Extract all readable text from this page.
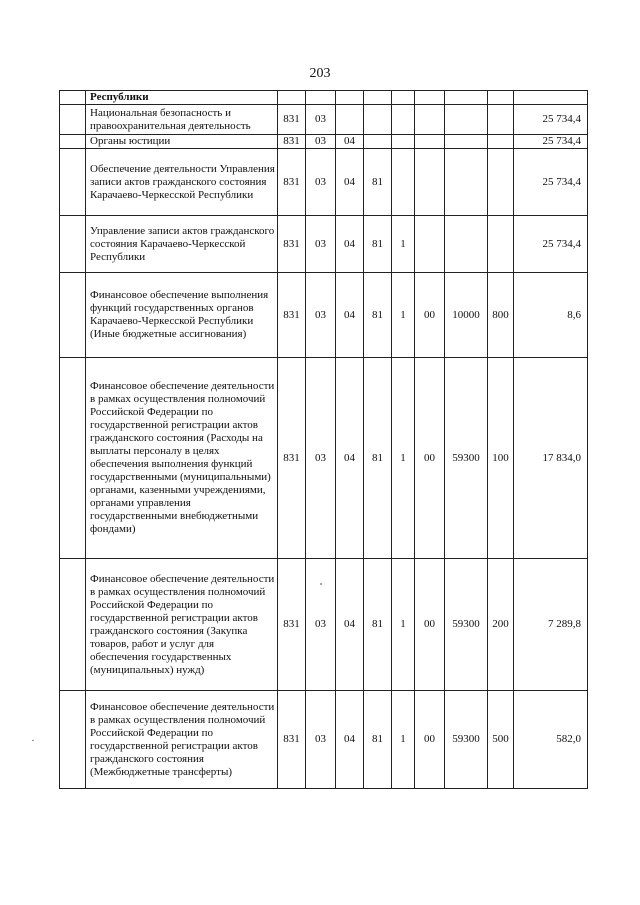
203
	Республики									
	Национальная безопасность и правоохранительная деятельность	831	03							25 734,4
	Органы юстиции	831	03	04						25 734,4
	Обеспечение деятельности Управления записи актов гражданского состояния Карачаево-Черкесской Республики	831	03	04	81					25 734,4
	Управление записи актов гражданского состояния Карачаево-Черкесской Республики	831	03	04	81	1				25 734,4
	Финансовое обеспечение выполнения функций государственных органов Карачаево-Черкесской Республики (Иные бюджетные ассигнования)	831	03	04	81	1	00	10000	800	8,6
	Финансовое обеспечение деятельности в рамках осуществления полномочий Российской Федерации по государственной регистрации актов гражданского состояния (Расходы на выплаты персоналу в целях обеспечения выполнения функций государственными (муниципальными) органами, казенными учреждениями, органами управления государственными внебюджетными фондами)	831	03	04	81	1	00	59300	100	17 834,0
	Финансовое обеспечение деятельности в рамках осуществления полномочий Российской Федерации по государственной регистрации актов гражданского состояния (Закупка товаров, работ и услуг для обеспечения государственных (муниципальных) нужд)	831	03	04	81	1	00	59300	200	7 289,8
	Финансовое обеспечение деятельности в рамках осуществления полномочий Российской Федерации по государственной регистрации актов гражданского состояния (Межбюджетные трансферты)	831	03	04	81	1	00	59300	500	582,0
